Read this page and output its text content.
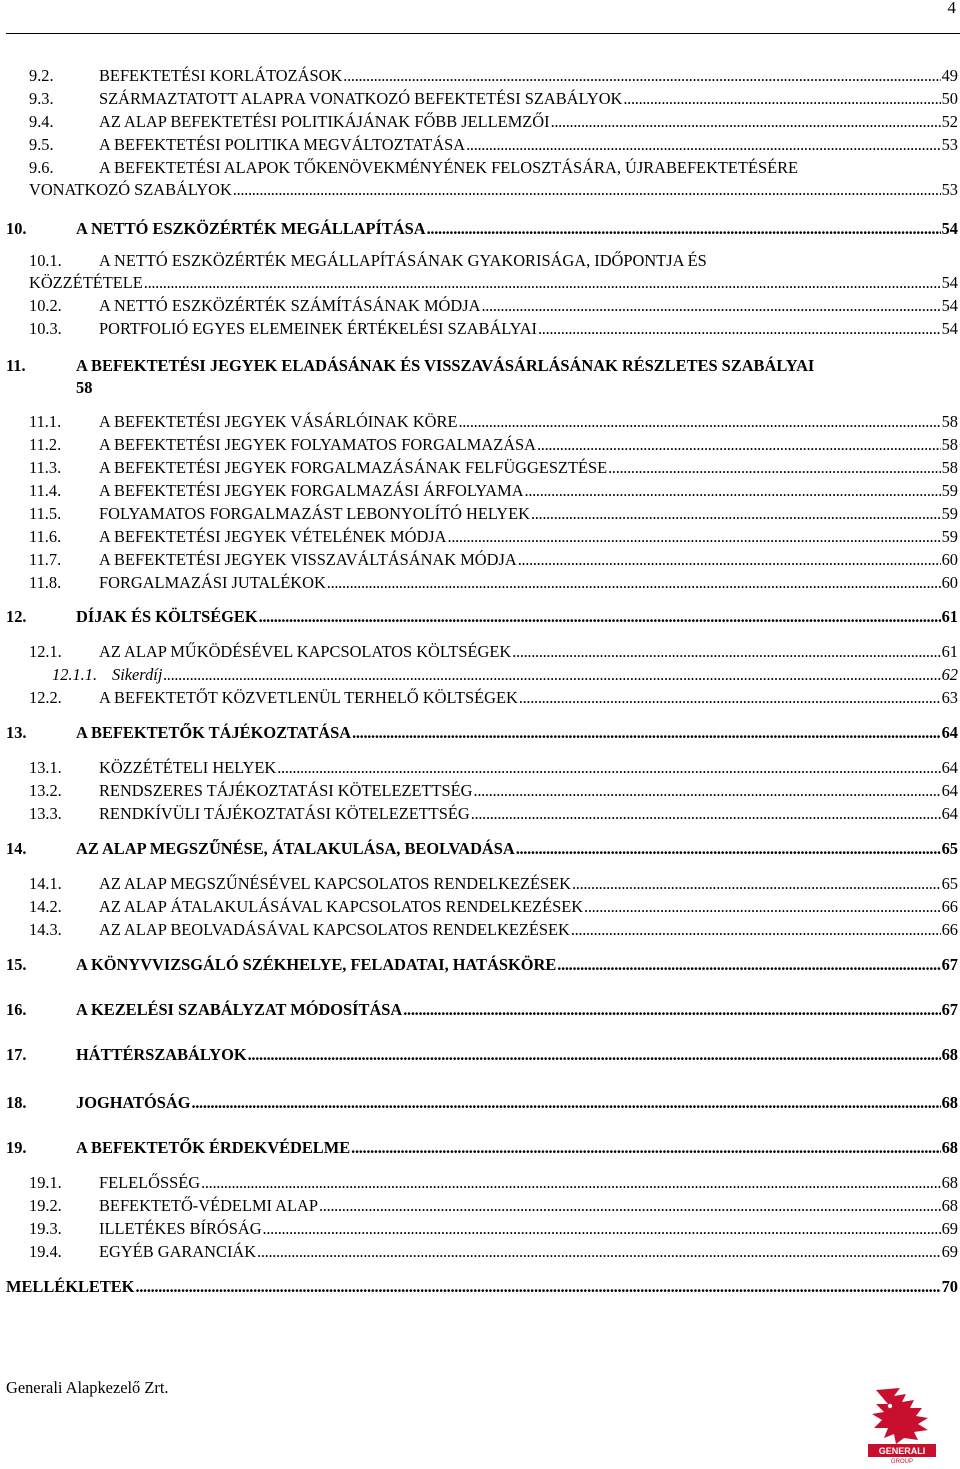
4
9.2.	BEFEKTETÉSI KORLÁTOZÁSOK . . .	49
9.3.	SZÁRMAZTATOTT ALAPRA VONATKOZÓ BEFEKTETÉSI SZABÁLYOK . . .	50
9.4.	AZ ALAP BEFEKTETÉSI POLITIKÁJÁNAK FŐBB JELLEMZŐI . . .	52
9.5.	A BEFEKTETÉSI POLITIKA MEGVÁLTOZTATÁSA . . .	53
9.6.	A BEFEKTETÉSI ALAPOK TŐKENÖVEKMÉNYÉNEK FELOSZTÁSÁRA, ÚJRABEFEKTETÉSÉRE
VONATKOZÓ SZABÁLYOK . . .	53
10.	A NETTÓ ESZKÖZÉRTÉK MEGÁLLAPÍTÁSA . . .	54
10.1. A NETTÓ ESZKÖZÉRTÉK MEGÁLLAPÍTÁSÁNAK GYAKORISÁGA, IDŐPONTJA ÉS
KÖZZÉTÉTELE . . .	54
10.2. A NETTÓ ESZKÖZÉRTÉK SZÁMÍTÁSÁNAK MÓDJA . . .	54
10.3. PORTFOLIÓ EGYES ELEMEINEK ÉRTÉKELÉSI SZABÁLYAI . . .	54
11.	A BEFEKTETÉSI JEGYEK ELADÁSÁNAK ÉS VISSZAVÁSÁRLÁSÁNAK RÉSZLETES SZABÁLYAI
58
11.1. A BEFEKTETÉSI JEGYEK VÁSÁRLÓINAK KÖRE . . .	58
11.2. A BEFEKTETÉSI JEGYEK FOLYAMATOS FORGALMAZÁSA . . .	58
11.3. A BEFEKTETÉSI JEGYEK FORGALMAZÁSÁNAK FELFÜGGESZTÉSE . . .	58
11.4. A BEFEKTETÉSI JEGYEK FORGALMAZÁSI ÁRFOLYAMA . . .	59
11.5. FOLYAMATOS FORGALMAZÁST LEBONYOLÍTÓ HELYEK . . .	59
11.6. A BEFEKTETÉSI JEGYEK VÉTELÉNEK MÓDJA . . .	59
11.7. A BEFEKTETÉSI JEGYEK VISSZAVÁLTÁSÁNAK MÓDJA . . .	60
11.8. FORGALMAZÁSI JUTALÉKOK . . .	60
12.	DÍJAK ÉS KÖLTSÉGEK . . .	61
12.1. AZ ALAP MŰKÖDÉSÉVEL KAPCSOLATOS KÖLTSÉGEK . . .	61
12.1.1. Sikerdíj . . .	62
12.2. A BEFEKTETŐT KÖZVETLENÜL TERHELŐ KÖLTSÉGEK . . .	63
13.	A BEFEKTETŐK TÁJÉKOZTATÁSA . . .	64
13.1. KÖZZÉTÉTELI HELYEK . . .	64
13.2. RENDSZERES TÁJÉKOZTATÁSI KÖTELEZETTSÉG . . .	64
13.3. RENDKÍVÜLI TÁJÉKOZTATÁSI KÖTELEZETTSÉG . . .	64
14.	AZ ALAP MEGSZŰNÉSE, ÁTALAKULÁSA, BEOLVADÁSA . . .	65
14.1. AZ ALAP MEGSZŰNÉSÉVEL KAPCSOLATOS RENDELKEZÉSEK . . .	65
14.2. AZ ALAP ÁTALAKULÁSÁVAL KAPCSOLATOS RENDELKEZÉSEK . . .	66
14.3. AZ ALAP BEOLVADÁSÁVAL KAPCSOLATOS RENDELKEZÉSEK . . .	66
15.	A KÖNYVVIZSGÁLÓ SZÉKHELYE, FELADATAI, HATÁSKÖRE . . .	67
16.	A KEZELÉSI SZABÁLYZAT MÓDOSÍTÁSA . . .	67
17.	HÁTTÉRSZABÁLYOK . . .	68
18.	JOGHATÓSÁG . . .	68
19.	A BEFEKTETŐK ÉRDEKVÉDELME . . .	68
19.1. FELELŐSSÉG . . .	68
19.2. BEFEKTETŐ-VÉDELMI ALAP . . .	68
19.3. ILLETÉKES BÍRÓSÁG . . .	69
19.4. EGYÉB GARANCIÁK . . .	69
MELLÉKLETEK . . .	70
Generali Alapkezelő Zrt.
GENERALI
GROUP
